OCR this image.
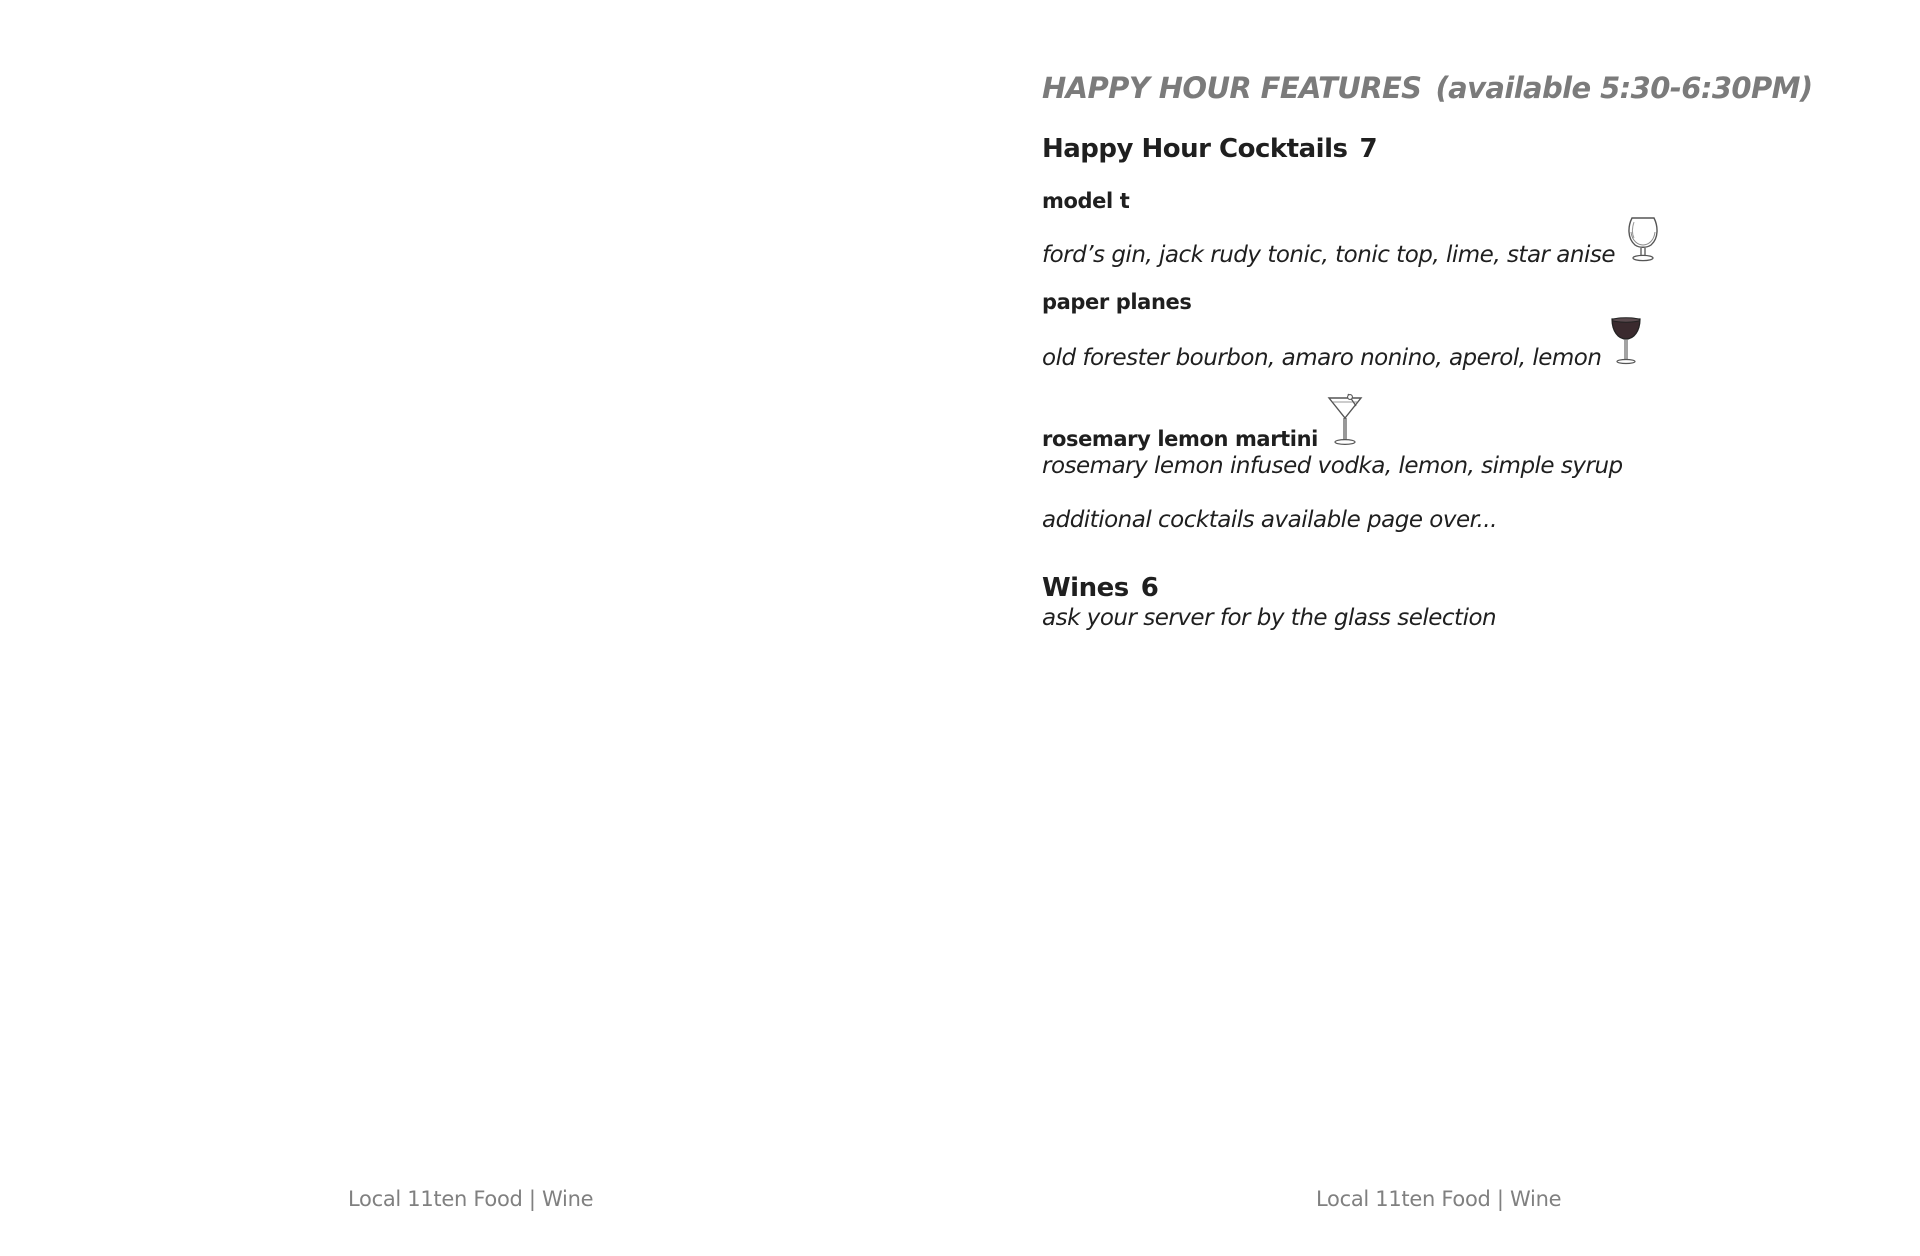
HAPPY HOUR FEATURES (available 5:30-6:30PM)
Happy Hour Cocktails 7
model t
ford’s gin, jack rudy tonic, tonic top, lime, star anise
paper planes
old forester bourbon, amaro nonino, aperol, lemon
rosemary lemon martini
rosemary lemon infused vodka, lemon, simple syrup
additional cocktails available page over...
Wines 6
ask your server for by the glass selection
Local 11ten Food | Wine	Local 11ten Food | Wine
